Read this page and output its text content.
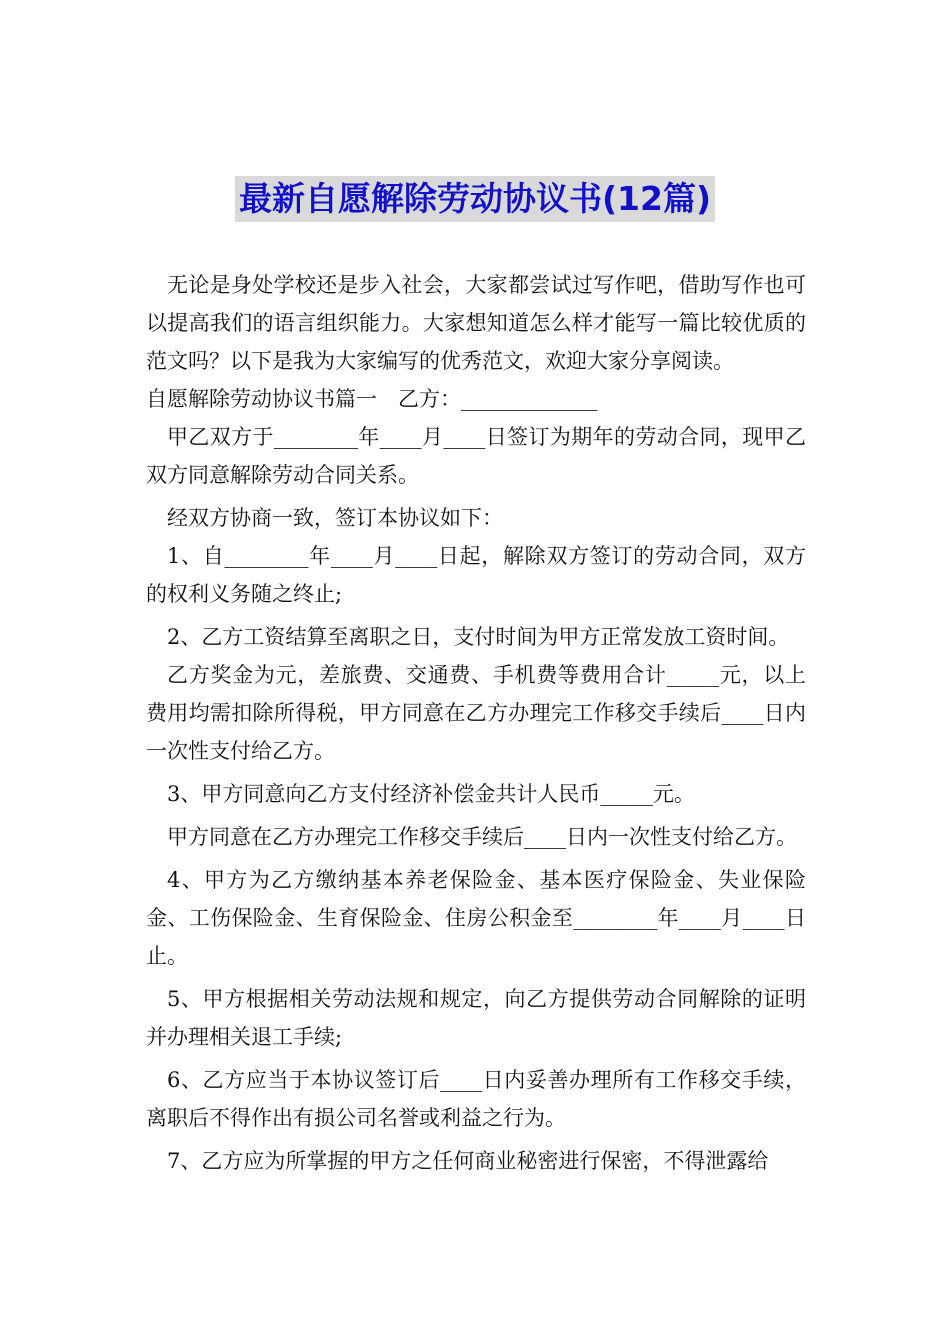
最新自愿解除劳动协议书(12篇)

无论是身处学校还是步入社会，大家都尝试过写作吧，借助写作也可以提高我们的语言组织能力。大家想知道怎么样才能写一篇比较优质的范文吗？以下是我为大家编写的优秀范文，欢迎大家分享阅读。

自愿解除劳动协议书篇一　乙方：_____________

甲乙双方于________年____月____日签订为期年的劳动合同，现甲乙双方同意解除劳动合同关系。

经双方协商一致，签订本协议如下：

1、自________年____月____日起，解除双方签订的劳动合同，双方的权利义务随之终止;

2、乙方工资结算至离职之日，支付时间为甲方正常发放工资时间。

乙方奖金为元，差旅费、交通费、手机费等费用合计_____元，以上费用均需扣除所得税，甲方同意在乙方办理完工作移交手续后____日内一次性支付给乙方。

3、甲方同意向乙方支付经济补偿金共计人民币_____元。

甲方同意在乙方办理完工作移交手续后____日内一次性支付给乙方。

4、甲方为乙方缴纳基本养老保险金、基本医疗保险金、失业保险金、工伤保险金、生育保险金、住房公积金至________年____月____日止。

5、甲方根据相关劳动法规和规定，向乙方提供劳动合同解除的证明并办理相关退工手续;

6、乙方应当于本协议签订后____日内妥善办理所有工作移交手续，离职后不得作出有损公司名誉或利益之行为。

7、乙方应为所掌握的甲方之任何商业秘密进行保密，不得泄露给
